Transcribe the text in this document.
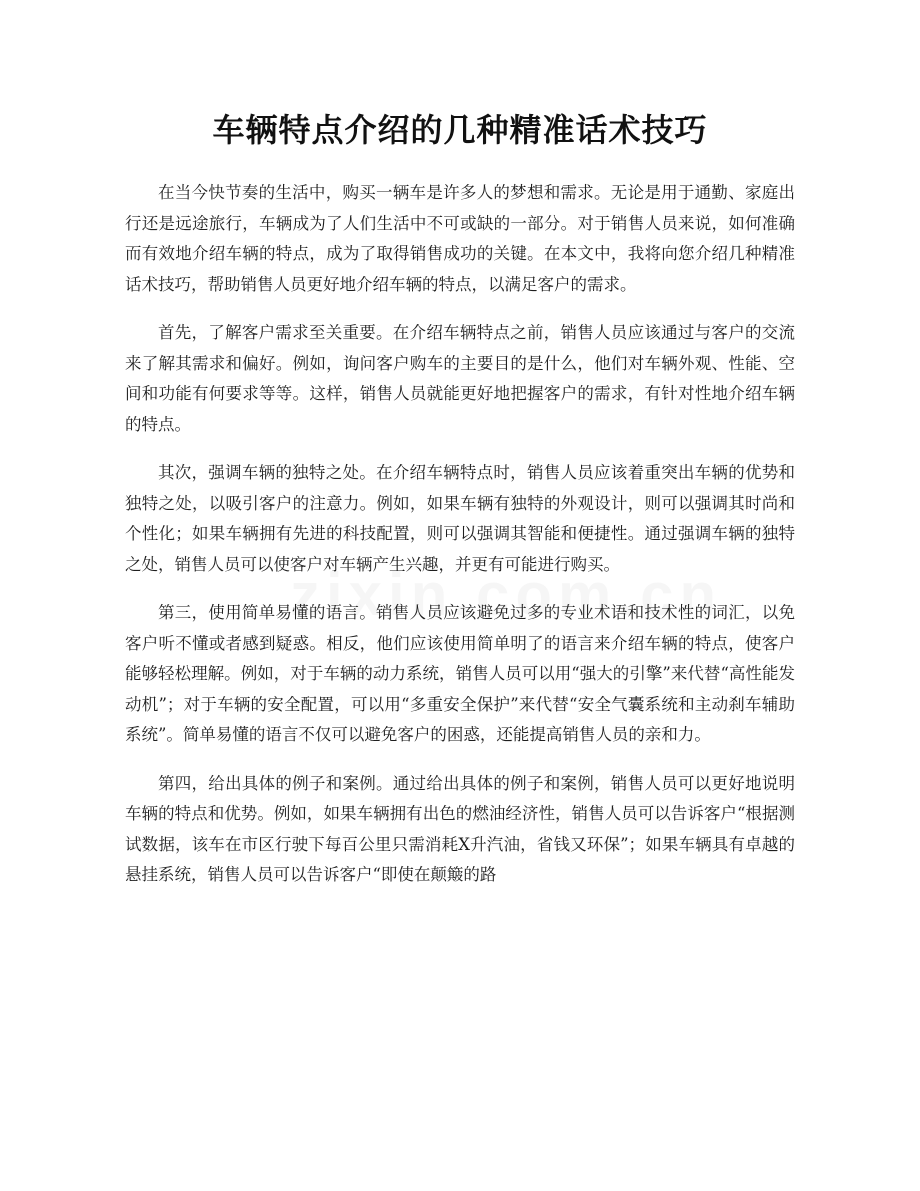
车辆特点介绍的几种精准话术技巧

在当今快节奏的生活中，购买一辆车是许多人的梦想和需求。无论是用于通勤、家庭出行还是远途旅行，车辆成为了人们生活中不可或缺的一部分。对于销售人员来说，如何准确而有效地介绍车辆的特点，成为了取得销售成功的关键。在本文中，我将向您介绍几种精准话术技巧，帮助销售人员更好地介绍车辆的特点，以满足客户的需求。

首先，了解客户需求至关重要。在介绍车辆特点之前，销售人员应该通过与客户的交流来了解其需求和偏好。例如，询问客户购车的主要目的是什么，他们对车辆外观、性能、空间和功能有何要求等等。这样，销售人员就能更好地把握客户的需求，有针对性地介绍车辆的特点。

其次，强调车辆的独特之处。在介绍车辆特点时，销售人员应该着重突出车辆的优势和独特之处，以吸引客户的注意力。例如，如果车辆有独特的外观设计，则可以强调其时尚和个性化；如果车辆拥有先进的科技配置，则可以强调其智能和便捷性。通过强调车辆的独特之处，销售人员可以使客户对车辆产生兴趣，并更有可能进行购买。

第三，使用简单易懂的语言。销售人员应该避免过多的专业术语和技术性的词汇，以免客户听不懂或者感到疑惑。相反，他们应该使用简单明了的语言来介绍车辆的特点，使客户能够轻松理解。例如，对于车辆的动力系统，销售人员可以用“强大的引擎”来代替“高性能发动机”；对于车辆的安全配置，可以用“多重安全保护”来代替“安全气囊系统和主动刹车辅助系统”。简单易懂的语言不仅可以避免客户的困惑，还能提高销售人员的亲和力。

第四，给出具体的例子和案例。通过给出具体的例子和案例，销售人员可以更好地说明车辆的特点和优势。例如，如果车辆拥有出色的燃油经济性，销售人员可以告诉客户“根据测试数据，该车在市区行驶下每百公里只需消耗X升汽油，省钱又环保”；如果车辆具有卓越的悬挂系统，销售人员可以告诉客户“即使在颠簸的路
